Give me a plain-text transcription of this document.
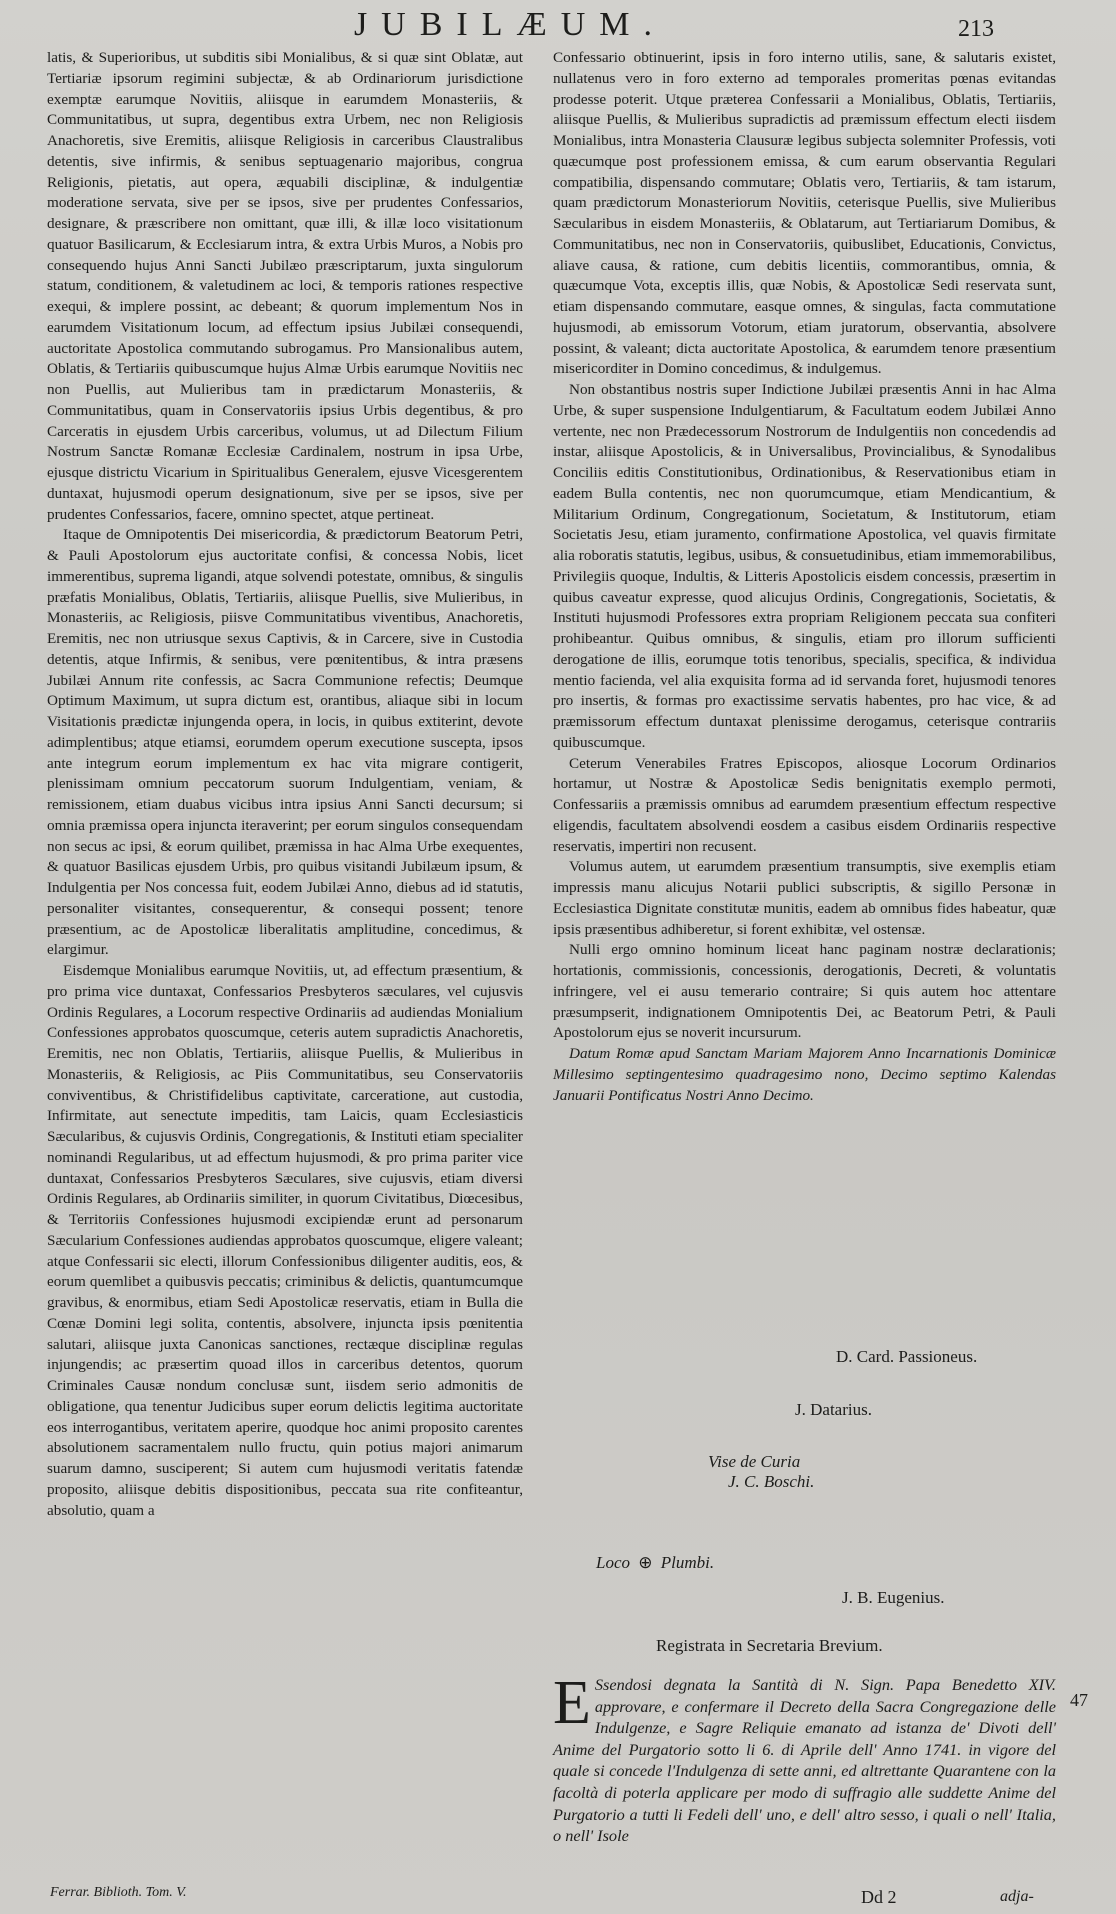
JUBILÆUM.	213

latis, & Superioribus, ut subditis sibi Monialibus, & si quæ sint Oblatæ, aut Tertiariæ ipsorum regimini subjectæ, & ab Ordinariorum jurisdictione exemptæ earumque Novitiis, aliisque in earumdem Monasteriis, & Communitatibus, ut supra, degentibus extra Urbem, nec non Religiosis Anachoretis, sive Eremitis, aliisque Religiosis in carceribus Claustralibus detentis, sive infirmis, & senibus septuagenario majoribus, congrua Religionis, pietatis, aut opera, æquabili disciplinæ, & indulgentiæ moderatione servata, sive per se ipsos, sive per prudentes Confessarios, designare, & præscribere non omittant, quæ illi, & illæ loco visitationum quatuor Basilicarum, & Ecclesiarum intra, & extra Urbis Muros, a Nobis pro consequendo hujus Anni Sancti Jubilæo præscriptarum, juxta singulorum statum, conditionem, & valetudinem ac loci, & temporis rationes respective exequi, & implere possint, ac debeant; & quorum implementum Nos in earumdem Visitationum locum, ad effectum ipsius Jubilæi consequendi, auctoritate Apostolica commutando subrogamus. Pro Mansionalibus autem, Oblatis, & Tertiariis quibuscumque hujus Almæ Urbis earumque Novitiis nec non Puellis, aut Mulieribus tam in prædictarum Monasteriis, & Communitatibus, quam in Conservatoriis ipsius Urbis degentibus, & pro Carceratis in ejusdem Urbis carceribus, volumus, ut ad Dilectum Filium Nostrum Sanctæ Romanæ Ecclesiæ Cardinalem, nostrum in ipsa Urbe, ejusque districtu Vicarium in Spiritualibus Generalem, ejusve Vicesgerentem duntaxat, hujusmodi operum designationum, sive per se ipsos, sive per prudentes Confessarios, facere, omnino spectet, atque pertineat.

Itaque de Omnipotentis Dei misericordia, & prædictorum Beatorum Petri, & Pauli Apostolorum ejus auctoritate confisi, & concessa Nobis, licet immerentibus, suprema ligandi, atque solvendi potestate, omnibus, & singulis præfatis Monialibus, Oblatis, Tertiariis, aliisque Puellis, sive Mulieribus, in Monasteriis, ac Religiosis, piisve Communitatibus viventibus, Anachoretis, Eremitis, nec non utriusque sexus Captivis, & in Carcere, sive in Custodia detentis, atque Infirmis, & senibus, vere pœnitentibus, & intra præsens Jubilæi Annum rite confessis, ac Sacra Communione refectis; Deumque Optimum Maximum, ut supra dictum est, orantibus, aliaque sibi in locum Visitationis prædictæ injungenda opera, in locis, in quibus extiterint, devote adimplentibus; atque etiamsi, eorumdem operum executione suscepta, ipsos ante integrum eorum implementum ex hac vita migrare contigerit, plenissimam omnium peccatorum suorum Indulgentiam, veniam, & remissionem, etiam duabus vicibus intra ipsius Anni Sancti decursum; si omnia præmissa opera injuncta iteraverint; per eorum singulos consequendam non secus ac ipsi, & eorum quilibet, præmissa in hac Alma Urbe exequentes, & quatuor Basilicas ejusdem Urbis, pro quibus visitandi Jubilæum ipsum, & Indulgentia per Nos concessa fuit, eodem Jubilæi Anno, diebus ad id statutis, personaliter visitantes, consequerentur, & consequi possent; tenore præsentium, ac de Apostolicæ liberalitatis amplitudine, concedimus, & elargimur.

Eisdemque Monialibus earumque Novitiis, ut, ad effectum præsentium, & pro prima vice duntaxat, Confessarios Presbyteros sæculares, vel cujusvis Ordinis Regulares, a Locorum respective Ordinariis ad audiendas Monialium Confessiones approbatos quoscumque, ceteris autem supradictis Anachoretis, Eremitis, nec non Oblatis, Tertiariis, aliisque Puellis, & Mulieribus in Monasteriis, & Religiosis, ac Piis Communitatibus, seu Conservatoriis conviventibus, & Christifidelibus captivitate, carceratione, aut custodia, Infirmitate, aut senectute impeditis, tam Laicis, quam Ecclesiasticis Sæcularibus, & cujusvis Ordinis, Congregationis, & Instituti etiam specialiter nominandi Regularibus, ut ad effectum hujusmodi, & pro prima pariter vice duntaxat, Confessarios Presbyteros Sæculares, sive cujusvis, etiam diversi Ordinis Regulares, ab Ordinariis similiter, in quorum Civitatibus, Diœcesibus, & Territoriis Confessiones hujusmodi excipiendæ erunt ad personarum Sæcularium Confessiones audiendas approbatos quoscumque, eligere valeant; atque Confessarii sic electi, illorum Confessionibus diligenter auditis, eos, & eorum quemlibet a quibusvis peccatis; criminibus & delictis, quantumcumque gravibus, & enormibus, etiam Sedi Apostolicæ reservatis, etiam in Bulla die Cœnæ Domini legi solita, contentis, absolvere, injuncta ipsis pœnitentia salutari, aliisque juxta Canonicas sanctiones, rectæque disciplinæ regulas injungendis; ac præsertim quoad illos in carceribus detentos, quorum Criminales Causæ nondum conclusæ sunt, iisdem serio admonitis de obligatione, qua tenentur Judicibus super eorum delictis legitima auctoritate eos interrogantibus, veritatem aperire, quodque hoc animi proposito carentes absolutionem sacramentalem nullo fructu, quin potius majori animarum suarum damno, susciperent; Si autem cum hujusmodi veritatis fatendæ proposito, aliisque debitis dispositionibus, peccata sua rite confiteantur, absolutio, quam a

Confessario obtinuerint, ipsis in foro interno utilis, sane, & salutaris existet, nullatenus vero in foro externo ad temporales promeritas pœnas evitandas prodesse poterit. Utque præterea Confessarii a Monialibus, Oblatis, Tertiariis, aliisque Puellis, & Mulieribus supradictis ad præmissum effectum electi iisdem Monialibus, intra Monasteria Clausuræ legibus subjecta solemniter Professis, voti quæcumque post professionem emissa, & cum earum observantia Regulari compatibilia, dispensando commutare; Oblatis vero, Tertiariis, & tam istarum, quam prædictorum Monasteriorum Novitiis, ceterisque Puellis, sive Mulieribus Sæcularibus in eisdem Monasteriis, & Oblatarum, aut Tertiariarum Domibus, & Communitatibus, nec non in Conservatoriis, quibuslibet, Educationis, Convictus, aliave causa, & ratione, cum debitis licentiis, commorantibus, omnia, & quæcumque Vota, exceptis illis, quæ Nobis, & Apostolicæ Sedi reservata sunt, etiam dispensando commutare, easque omnes, & singulas, facta commutatione hujusmodi, ab emissorum Votorum, etiam juratorum, observantia, absolvere possint, & valeant; dicta auctoritate Apostolica, & earumdem tenore præsentium misericorditer in Domino concedimus, & indulgemus.

Non obstantibus nostris super Indictione Jubilæi præsentis Anni in hac Alma Urbe, & super suspensione Indulgentiarum, & Facultatum eodem Jubilæi Anno vertente, nec non Prædecessorum Nostrorum de Indulgentiis non concedendis ad instar, aliisque Apostolicis, & in Universalibus, Provincialibus, & Synodalibus Conciliis editis Constitutionibus, Ordinationibus, & Reservationibus etiam in eadem Bulla contentis, nec non quorumcumque, etiam Mendicantium, & Militarium Ordinum, Congregationum, Societatum, & Institutorum, etiam Societatis Jesu, etiam juramento, confirmatione Apostolica, vel quavis firmitate alia roboratis statutis, legibus, usibus, & consuetudinibus, etiam immemorabilibus, Privilegiis quoque, Indultis, & Litteris Apostolicis eisdem concessis, præsertim in quibus caveatur expresse, quod alicujus Ordinis, Congregationis, Societatis, & Instituti hujusmodi Professores extra propriam Religionem peccata sua confiteri prohibeantur. Quibus omnibus, & singulis, etiam pro illorum sufficienti derogatione de illis, eorumque totis tenoribus, specialis, specifica, & individua mentio facienda, vel alia exquisita forma ad id servanda foret, hujusmodi tenores pro insertis, & formas pro exactissime servatis habentes, pro hac vice, & ad præmissorum effectum duntaxat plenissime derogamus, ceterisque contrariis quibuscumque.

Ceterum Venerabiles Fratres Episcopos, aliosque Locorum Ordinarios hortamur, ut Nostræ & Apostolicæ Sedis benignitatis exemplo permoti, Confessariis a præmissis omnibus ad earumdem præsentium effectum respective eligendis, facultatem absolvendi eosdem a casibus eisdem Ordinariis respective reservatis, impertiri non recusent.

Volumus autem, ut earumdem præsentium transumptis, sive exemplis etiam impressis manu alicujus Notarii publici subscriptis, & sigillo Personæ in Ecclesiastica Dignitate constitutæ munitis, eadem ab omnibus fides habeatur, quæ ipsis præsentibus adhiberetur, si forent exhibitæ, vel ostensæ.

Nulli ergo omnino hominum liceat hanc paginam nostræ declarationis; hortationis, commissionis, concessionis, derogationis, Decreti, & voluntatis infringere, vel ei ausu temerario contraire; Si quis autem hoc attentare præsumpserit, indignationem Omnipotentis Dei, ac Beatorum Petri, & Pauli Apostolorum ejus se noverit incursurum.

Datum Romæ apud Sanctam Mariam Majorem Anno Incarnationis Dominicæ Millesimo septingentesimo quadragesimo nono, Decimo septimo Kalendas Januarii Pontificatus Nostri Anno Decimo.

D. Card. Passioneus.
J. Datarius.
Vise de Curia
J. C. Boschi.
Loco ⊕ Plumbi.
J. B. Eugenius.
Registrata in Secretaria Brevium.
E Ssendosi degnata la Santità di N. Sign. Papa Benedetto XIV. approvare, e confermare il Decreto della Sacra Congregazione delle Indulgenze, e Sagre Reliquie emanato ad istanza de' Divoti dell' Anime del Purgatorio sotto li 6. di Aprile dell' Anno 1741. in vigore del quale si concede l'Indulgenza di sette anni, ed altrettante Quarantene con la facoltà di poterla applicare per modo di suffragio alle suddette Anime del Purgatorio a tutti li Fedeli dell' uno, e dell' altro sesso, i quali o nell' Italia, o nell' Isole
47
Ferrar. Biblioth. Tom. V.	Dd 2	adja-
